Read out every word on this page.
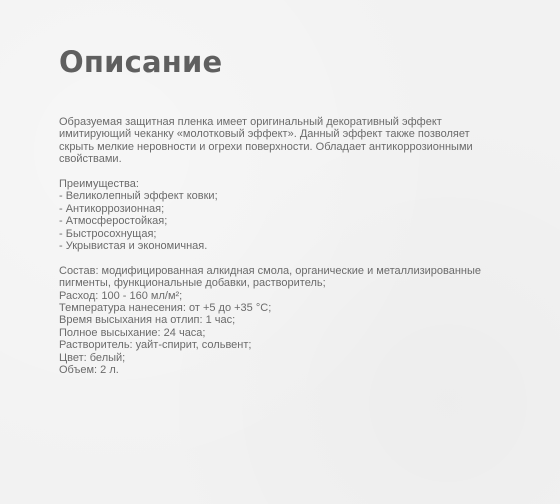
Описание

Образуемая защитная пленка имеет оригинальный декоративный эффект
имитирующий чеканку «молотковый эффект». Данный эффект также позволяет
скрыть мелкие неровности и огрехи поверхности. Обладает антикоррозионными
свойствами.

Преимущества:

- Великолепный эффект ковки;
- Антикоррозионная;
- Атмосферостойкая;
- Быстросохнущая;
- Укрывистая и экономичная.
Состав: модифицированная алкидная смола, органические и металлизированные
пигменты, функциональные добавки, растворитель;
Расход: 100 - 160 мл/м²;
Температура нанесения: от +5 до +35 °С;
Время высыхания на отлип: 1 час;
Полное высыхание: 24 часа;
Растворитель: уайт-спирит, сольвент;
Цвет: белый;
Объем: 2 л.
